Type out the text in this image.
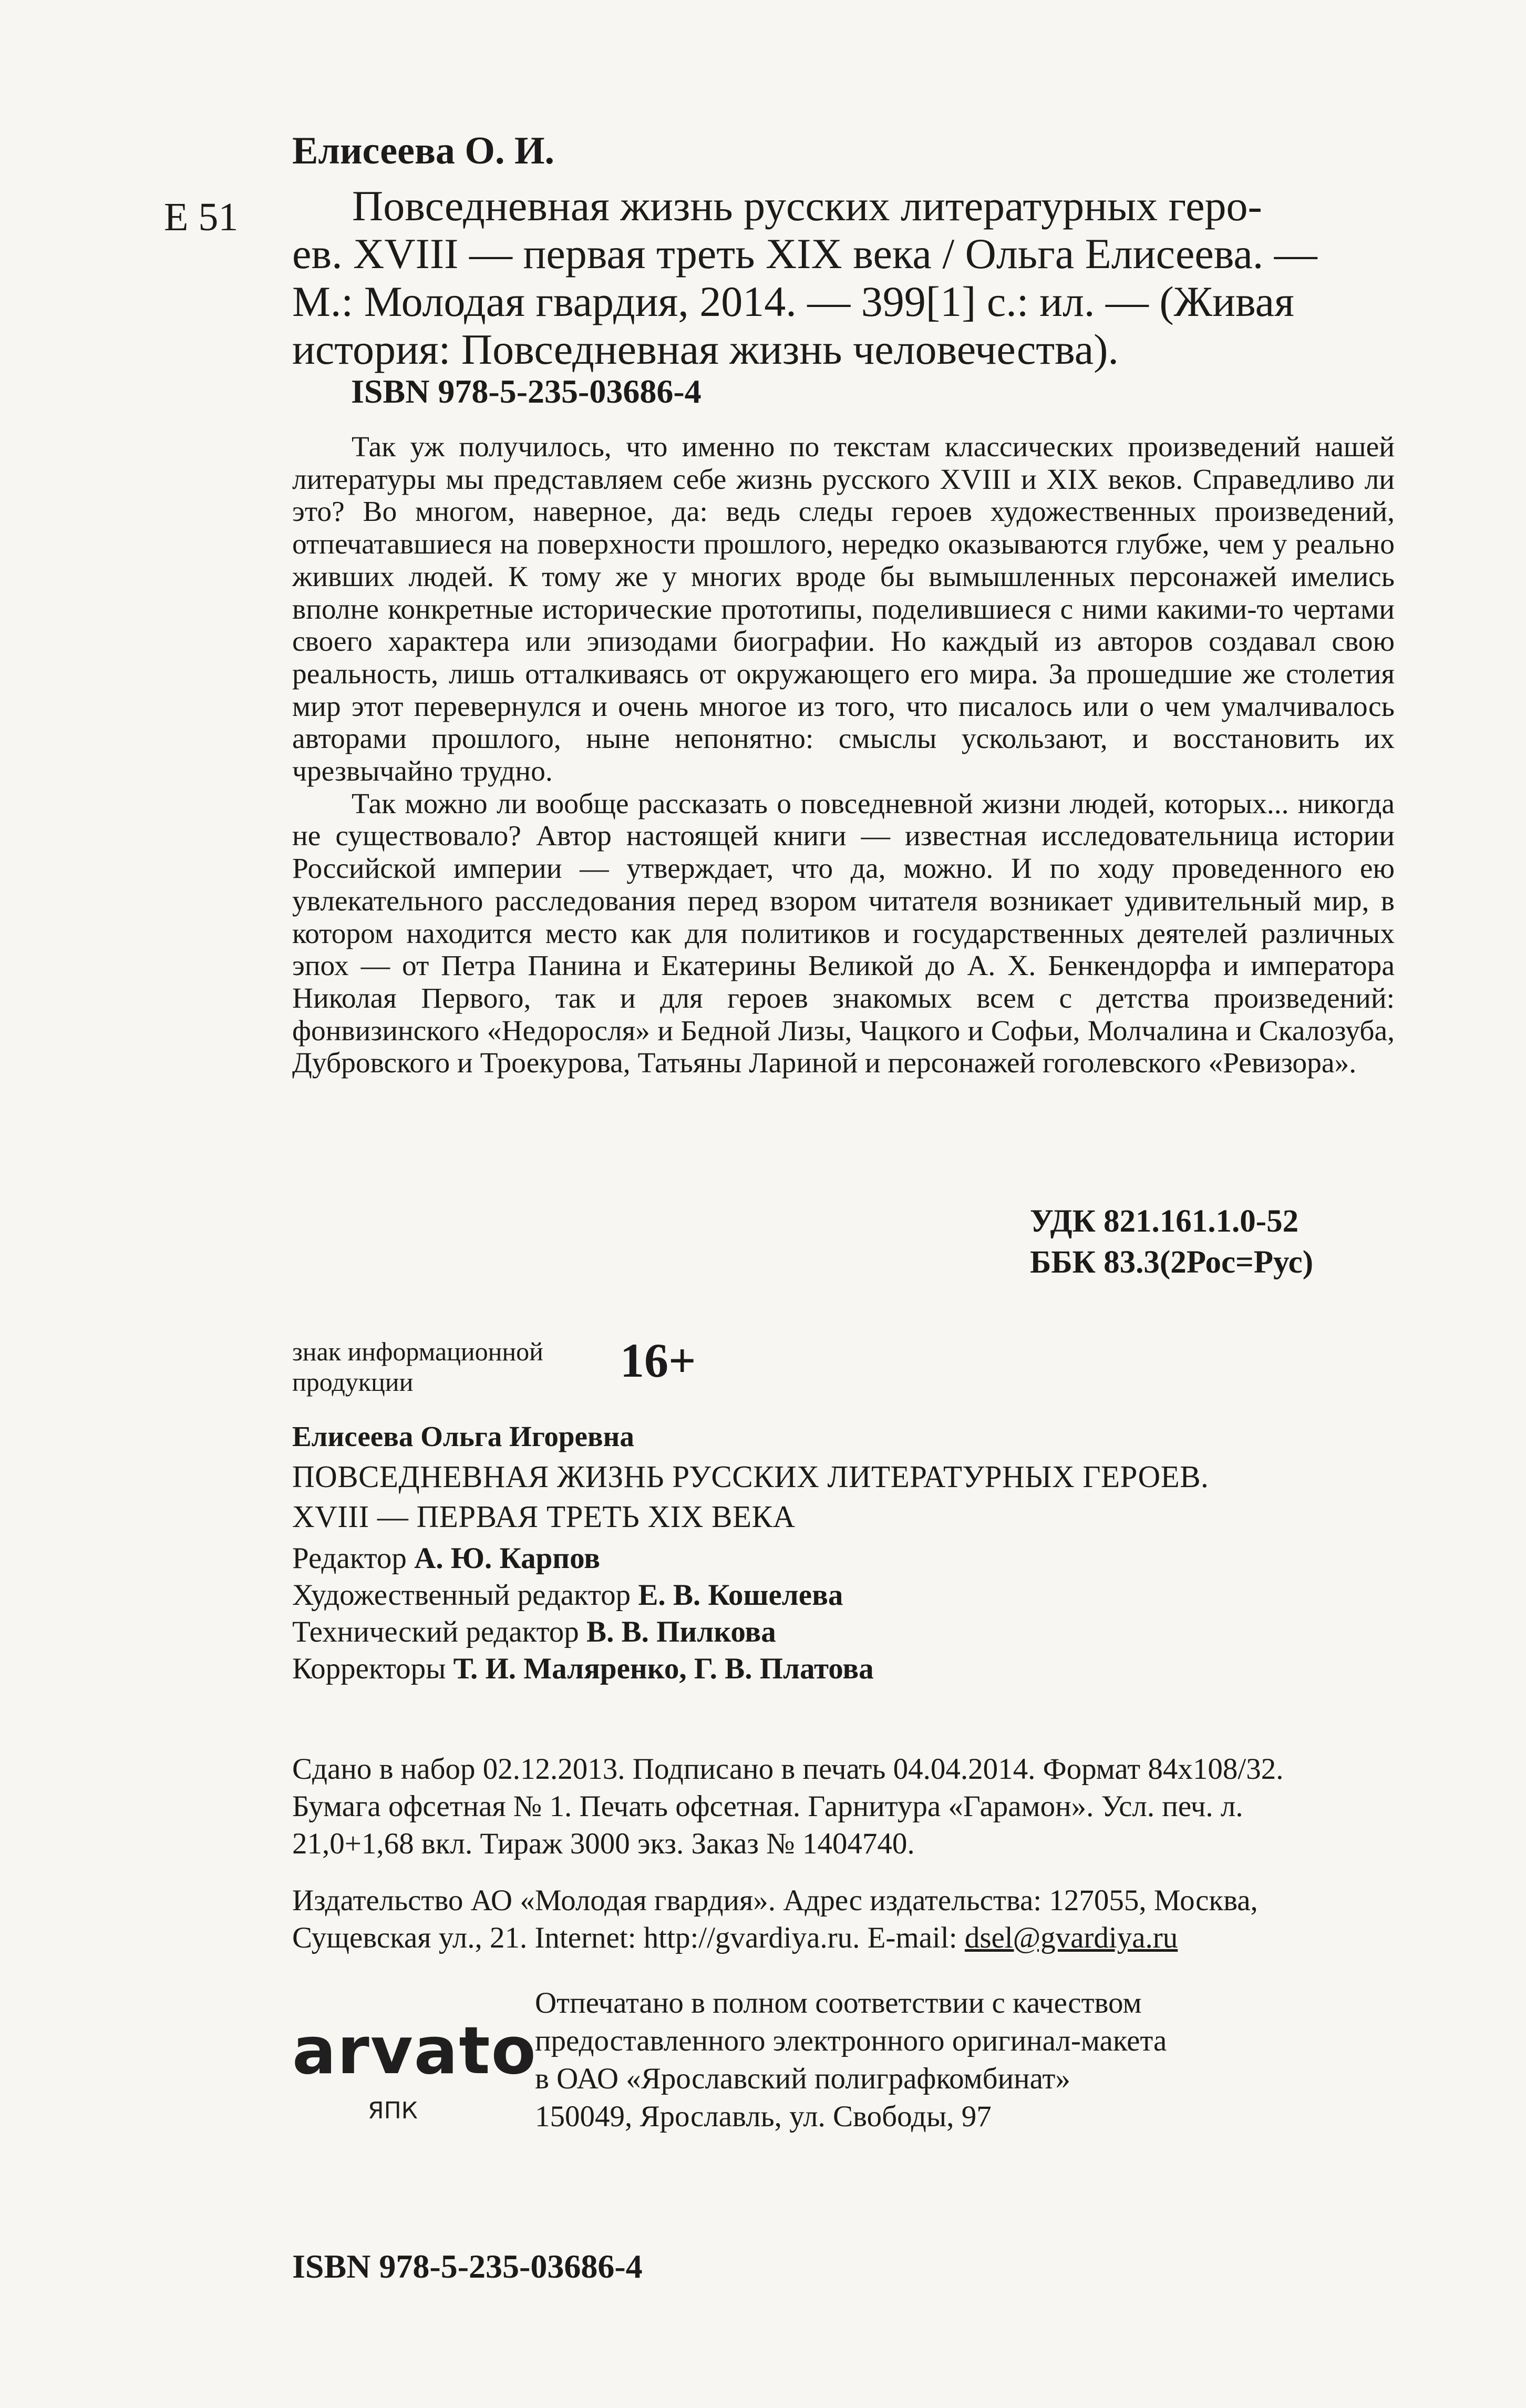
Елисеева О. И.
Е 51	Повседневная жизнь русских литературных геро-
ев. XVIII — первая треть XIX века / Ольга Елисеева. —
М.: Молодая гвардия, 2014. — 399[1] с.: ил. — (Живая
история: Повседневная жизнь человечества).
ISBN 978-5-235-03686-4

Так уж получилось, что именно по текстам классических произведений нашей литературы мы представляем себе жизнь русского XVIII и XIX веков. Справедливо ли это? Во многом, наверное, да: ведь следы героев художественных произведений, отпечатавшиеся на поверхности прошлого, нередко оказываются глубже, чем у реально живших людей. К тому же у многих вроде бы вымышленных персонажей имелись вполне конкретные исторические прототипы, поделившиеся с ними какими-то чертами своего характера или эпизодами биографии. Но каждый из авторов создавал свою реальность, лишь отталкиваясь от окружающего его мира. За прошедшие же столетия мир этот перевернулся и очень многое из того, что писалось или о чем умалчивалось авторами прошлого, ныне непонятно: смыслы ускользают, и восстановить их чрезвычайно трудно.

Так можно ли вообще рассказать о повседневной жизни людей, которых... никогда не существовало? Автор настоящей книги — известная исследовательница истории Российской империи — утверждает, что да, можно. И по ходу проведенного ею увлекательного расследования перед взором читателя возникает удивительный мир, в котором находится место как для политиков и государственных деятелей различных эпох — от Петра Панина и Екатерины Великой до А. Х. Бенкендорфа и императора Николая Первого, так и для героев знакомых всем с детства произведений: фонвизинского «Недоросля» и Бедной Лизы, Чацкого и Софьи, Молчалина и Скалозуба, Дубровского и Троекурова, Татьяны Лариной и персонажей гоголевского «Ревизора».

УДК 821.161.1.0-52
ББК 83.3(2Рос=Рус)
знак информационной
продукции	16+
Елисеева Ольга Игоревна
ПОВСЕДНЕВНАЯ ЖИЗНЬ РУССКИХ ЛИТЕРАТУРНЫХ ГЕРОЕВ.
XVIII — ПЕРВАЯ ТРЕТЬ XIX ВЕКА
Редактор А. Ю. Карпов
Художественный редактор Е. В. Кошелева
Технический редактор В. В. Пилкова
Корректоры Т. И. Маляренко, Г. В. Платова
Сдано в набор 02.12.2013. Подписано в печать 04.04.2014. Формат 84x108/32.
Бумага офсетная № 1. Печать офсетная. Гарнитура «Гарамон». Усл. печ. л.
21,0+1,68 вкл. Тираж 3000 экз. Заказ № 1404740.
Издательство АО «Молодая гвардия». Адрес издательства: 127055, Москва,
Сущевская ул., 21. Internet: http://gvardiya.ru. E-mail: dsel@gvardiya.ru
arvato
ЯПК
Отпечатано в полном соответствии с качеством
предоставленного электронного оригинал-макета
в ОАО «Ярославский полиграфкомбинат»
150049, Ярославль, ул. Свободы, 97
ISBN 978-5-235-03686-4
